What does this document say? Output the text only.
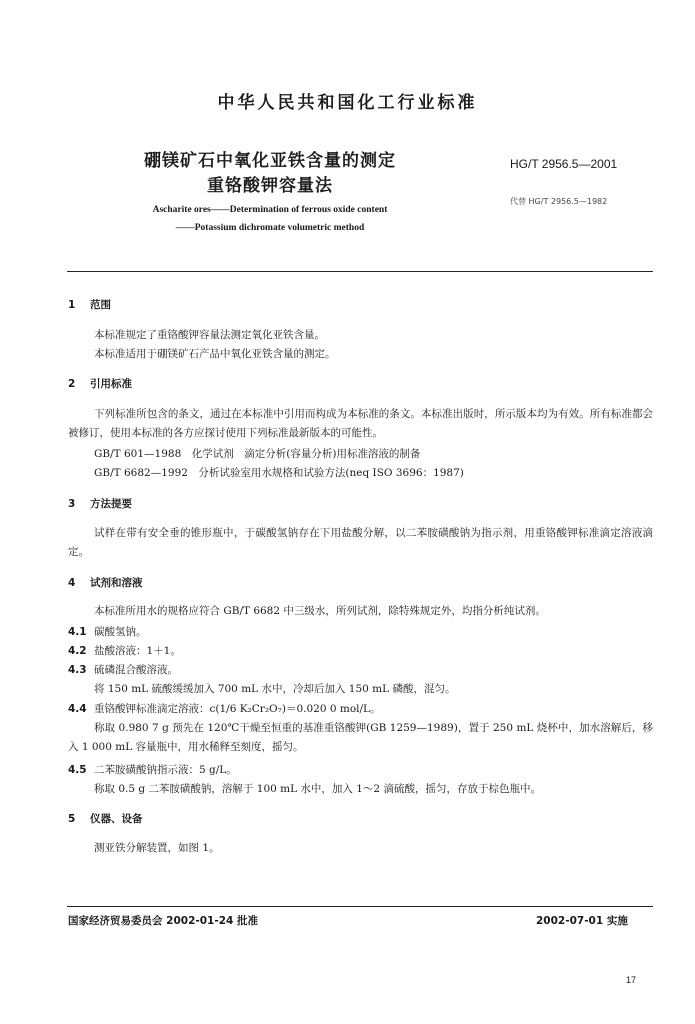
中华人民共和国化工行业标准
硼镁矿石中氧化亚铁含量的测定
重铬酸钾容量法
HG/T 2956.5—2001
代替 HG/T 2956.5—1982
Ascharite ores——Determination of ferrous oxide content
——Potassium dichromate volumetric method
1 范围
本标准规定了重铬酸钾容量法测定氧化亚铁含量。
本标准适用于硼镁矿石产品中氧化亚铁含量的测定。
2 引用标准
下列标准所包含的条文，通过在本标准中引用而构成为本标准的条文。本标准出版时，所示版本均为有效。所有标准都会被修订，使用本标准的各方应探讨使用下列标准最新版本的可能性。
GB/T 601—1988　化学试剂　滴定分析(容量分析)用标准溶液的制备
GB/T 6682—1992　分析试验室用水规格和试验方法(neq ISO 3696：1987)
3 方法提要
试样在带有安全垂的锥形瓶中，于碳酸氢钠存在下用盐酸分解，以二苯胺磺酸钠为指示剂，用重铬酸钾标准滴定溶液滴定。
4 试剂和溶液
本标准所用水的规格应符合 GB/T 6682 中三级水，所列试剂，除特殊规定外，均指分析纯试剂。
4.1 碳酸氢钠。
4.2 盐酸溶液：1＋1。
4.3 硫磷混合酸溶液。
将 150 mL 硫酸缓缓加入 700 mL 水中，冷却后加入 150 mL 磷酸，混匀。
4.4 重铬酸钾标准滴定溶液：c(1/6 K₂Cr₂O₇)＝0.020 0 mol/L。
称取 0.980 7 g 预先在 120℃干燥至恒重的基准重铬酸钾(GB 1259—1989)，置于 250 mL 烧杯中，加水溶解后，移入 1 000 mL 容量瓶中，用水稀释至刻度，摇匀。
4.5 二苯胺磺酸钠指示液：5 g/L。
称取 0.5 g 二苯胺磺酸钠，溶解于 100 mL 水中，加入 1～2 滴硫酸，摇匀，存放于棕色瓶中。
5 仪器、设备
测亚铁分解装置，如图 1。
国家经济贸易委员会 2002-01-24 批准	2002-07-01 实施
17
